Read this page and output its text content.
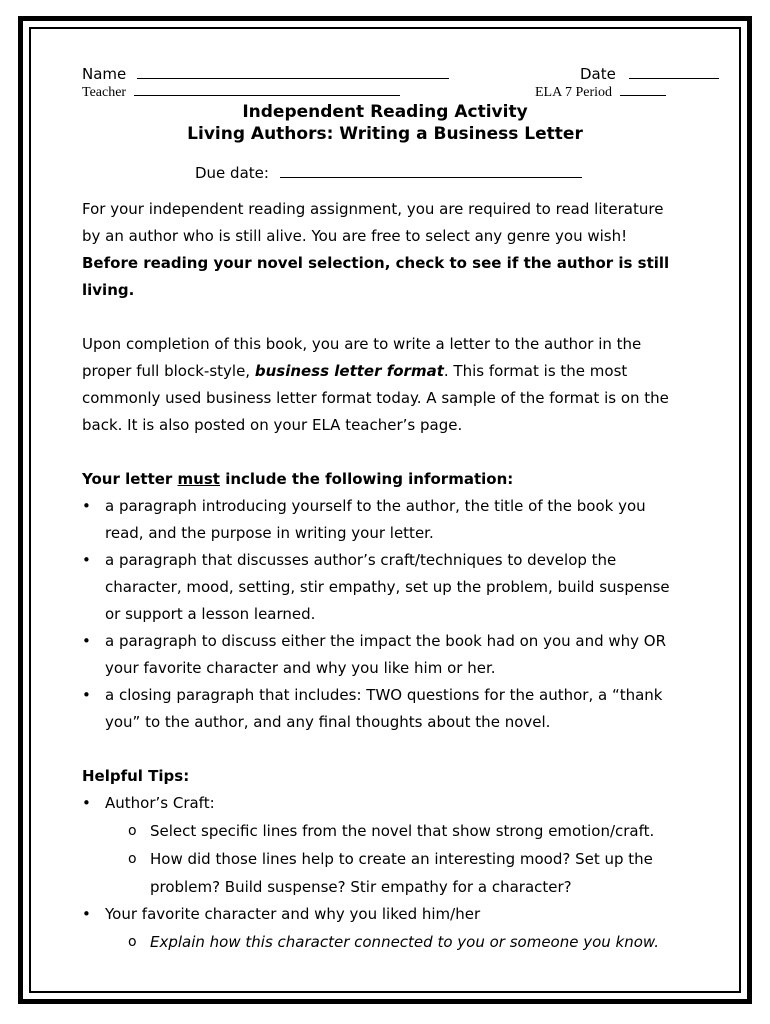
Name	Date
Teacher	ELA 7 Period
Independent Reading Activity
Living Authors: Writing a Business Letter
Due date:
For your independent reading assignment, you are required to read literature
by an author who is still alive. You are free to select any genre you wish!
Before reading your novel selection, check to see if the author is still
living.
Upon completion of this book, you are to write a letter to the author in the
proper full block-style, business letter format. This format is the most
commonly used business letter format today. A sample of the format is on the
back. It is also posted on your ELA teacher’s page.
Your letter must include the following information:
• a paragraph introducing yourself to the author, the title of the book you
read, and the purpose in writing your letter.
• a paragraph that discusses author’s craft/techniques to develop the
character, mood, setting, stir empathy, set up the problem, build suspense
or support a lesson learned.
• a paragraph to discuss either the impact the book had on you and why OR
your favorite character and why you like him or her.
• a closing paragraph that includes: TWO questions for the author, a “thank
you” to the author, and any final thoughts about the novel.
Helpful Tips:
• Author’s Craft:
o Select specific lines from the novel that show strong emotion/craft.
o How did those lines help to create an interesting mood? Set up the
problem? Build suspense? Stir empathy for a character?
• Your favorite character and why you liked him/her
o Explain how this character connected to you or someone you know.
